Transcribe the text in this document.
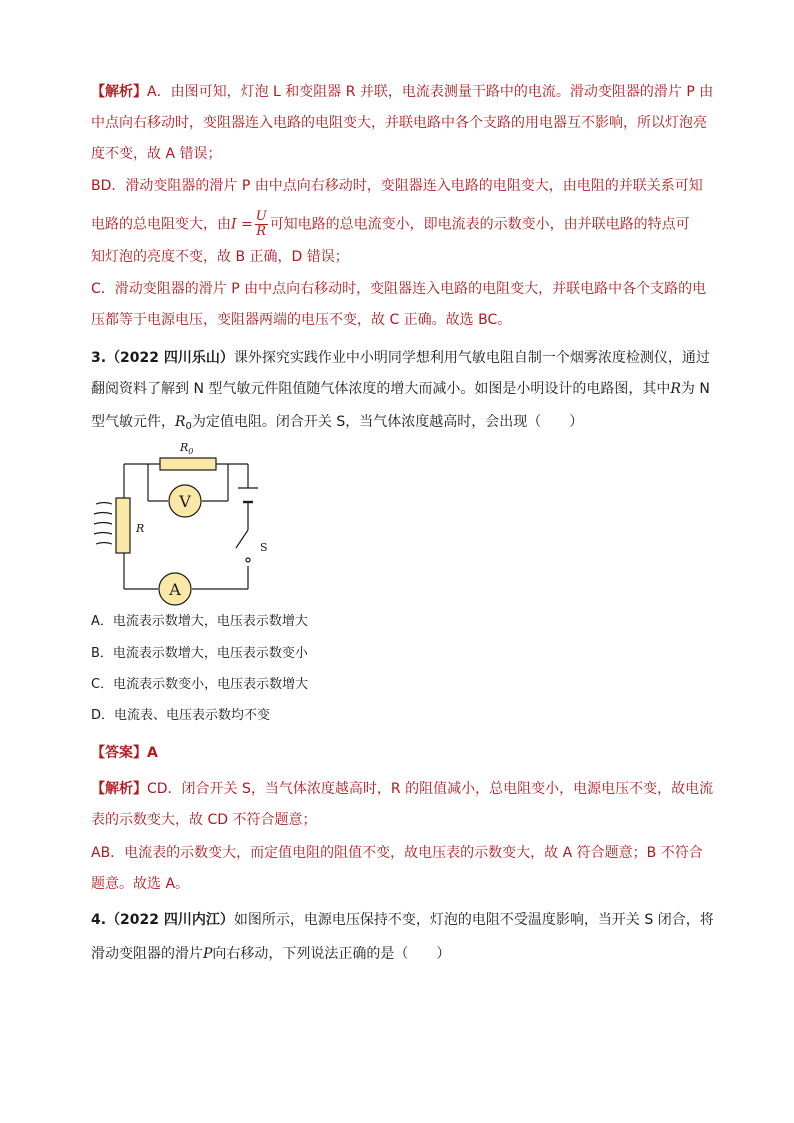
【解析】A．由图可知，灯泡 L 和变阻器 R 并联，电流表测量干路中的电流。滑动变阻器的滑片 P 由
中点向右移动时，变阻器连入电路的电阻变大，并联电路中各个支路的用电器互不影响，所以灯泡亮
度不变，故 A 错误；
BD．滑动变阻器的滑片 P 由中点向右移动时，变阻器连入电路的电阻变大，由电阻的并联关系可知
电路的总电阻变大，由$I = \frac{U}{R}$ 可知电路的总电流变小，即电流表的示数变小，由并联电路的特点可
知灯泡的亮度不变，故 B 正确，D 错误；
C．滑动变阻器的滑片 P 由中点向右移动时，变阻器连入电路的电阻变大，并联电路中各个支路的电
压都等于电源电压，变阻器两端的电压不变，故 C 正确。故选 BC。
3.（2022 四川乐山）课外探究实践作业中小明同学想利用气敏电阻自制一个烟雾浓度检测仪，通过
翻阅资料了解到 N 型气敏元件阻值随气体浓度的增大而减小。如图是小明设计的电路图，其中R为 N
型气敏元件，$R_0$为定值电阻。闭合开关 S，当气体浓度越高时，会出现（　　）
$R_0$
R
V
A
S
A．电流表示数增大，电压表示数增大
B．电流表示数增大，电压表示数变小
C．电流表示数变小，电压表示数增大
D．电流表、电压表示数均不变
【答案】A
【解析】CD．闭合开关 S，当气体浓度越高时，R 的阻值减小，总电阻变小，电源电压不变，故电流
表的示数变大，故 CD 不符合题意；
AB．电流表的示数变大，而定值电阻的阻值不变，故电压表的示数变大，故 A 符合题意；B 不符合
题意。故选 A。
4.（2022 四川内江）如图所示，电源电压保持不变，灯泡的电阻不受温度影响，当开关 S 闭合，将
滑动变阻器的滑片P向右移动，下列说法正确的是（　　）
